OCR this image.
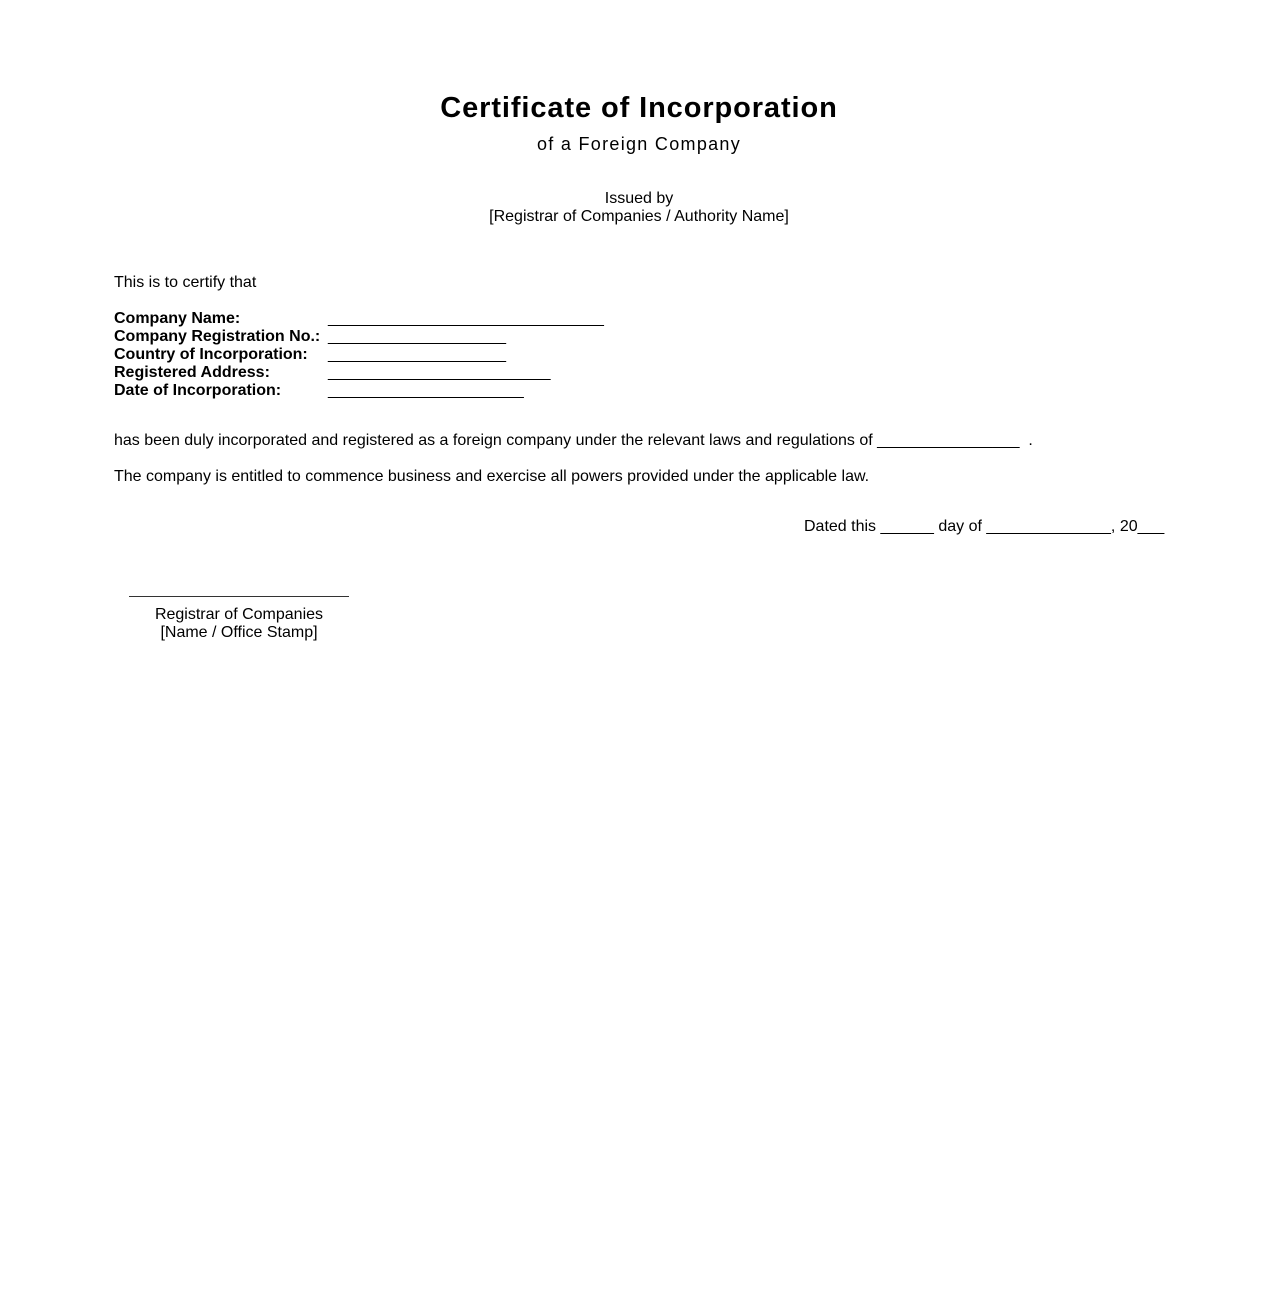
Certificate of Incorporation
of a Foreign Company
Issued by
[Registrar of Companies / Authority Name]
This is to certify that
Company Name:	_______________________________
Company Registration No.: ____________________
Country of Incorporation:	____________________
Registered Address:	_________________________
Date of Incorporation:	______________________
has been duly incorporated and registered as a foreign company under the relevant laws and regulations of ________________  .
The company is entitled to commence business and exercise all powers provided under the applicable law.
Dated this ______ day of ______________, 20___
Registrar of Companies
[Name / Office Stamp]
